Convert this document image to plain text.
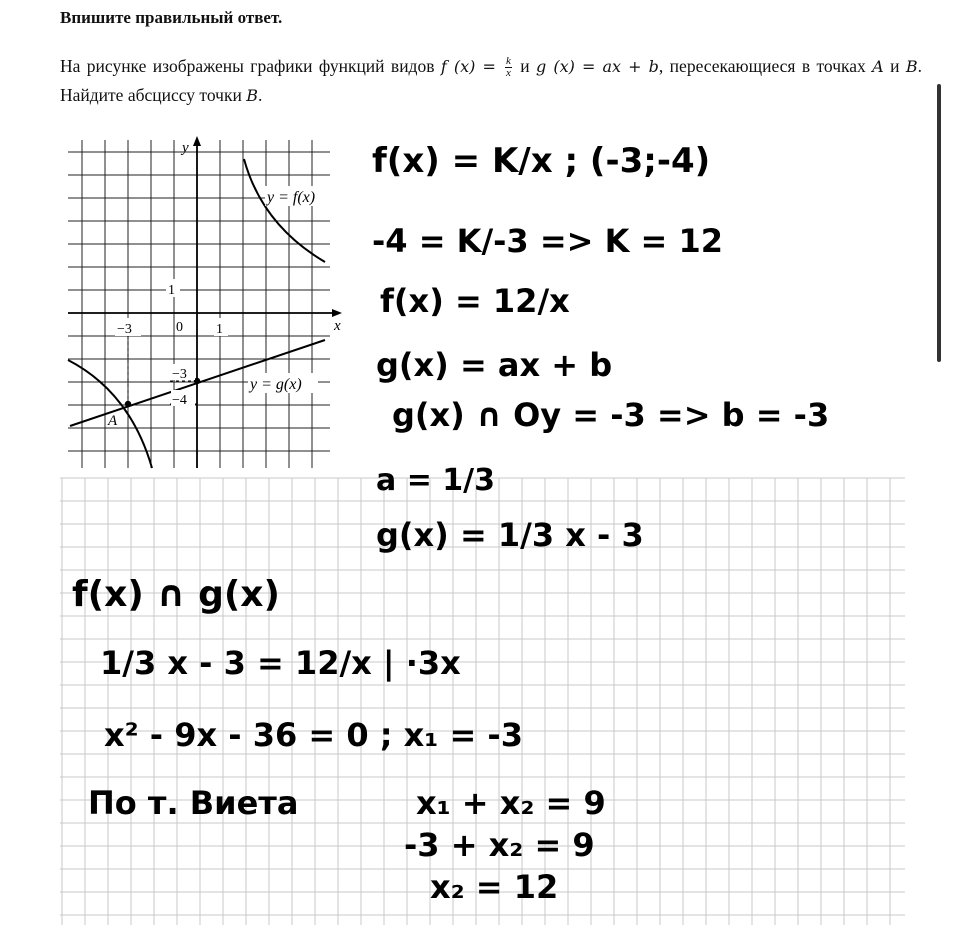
Впишите правильный ответ.
На рисунке изображены графики функций видов f $(x) = \frac{k}{x}$ и g (x) = ax + b, пересекающиеся в точках A и B. Найдите абсциссу точки B.
y = f(x)
y = g(x)
y
x
1
0
−3	1
−3
−4
A
f(x) = K/x ; (-3;-4)
-4 = K/-3 => K = 12
f(x) = 12/x
g(x) = ax + b
g(x) ∩ Oy = -3 => b = -3
a = 1/3
g(x) = 1/3 x - 3
f(x) ∩ g(x)
1/3 x - 3 = 12/x | ·3x
x² - 9x - 36 = 0 ; x₁ = -3
По т. Виета	x₁ + x₂ = 9
-3 + x₂ = 9
x₂ = 12
